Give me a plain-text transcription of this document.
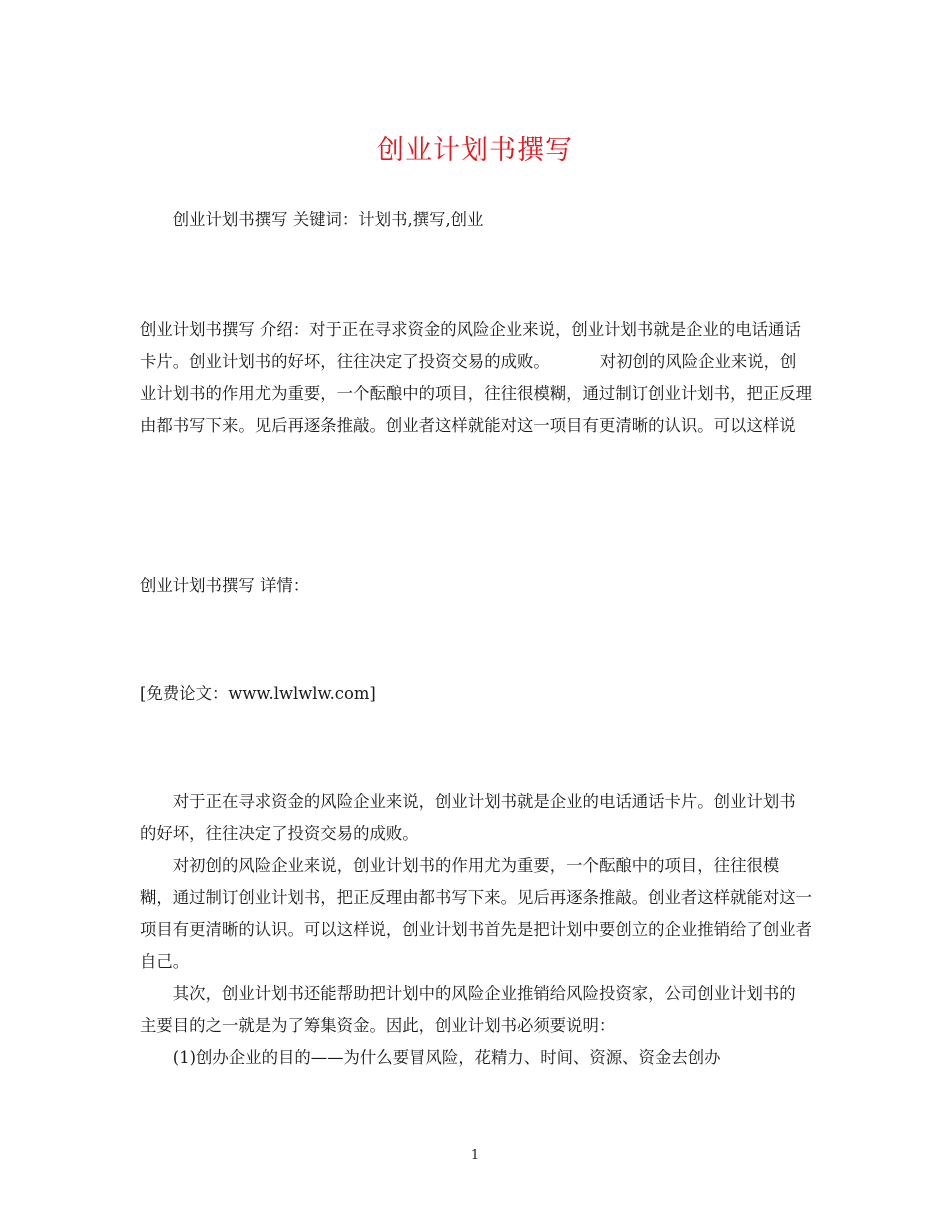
创业计划书撰写

创业计划书撰写 关键词：计划书,撰写,创业

创业计划书撰写 介绍：对于正在寻求资金的风险企业来说，创业计划书就是企业的电话通话卡片。创业计划书的好坏，往往决定了投资交易的成败。	对初创的风险企业来说，创业计划书的作用尤为重要，一个酝酿中的项目，往往很模糊，通过制订创业计划书，把正反理由都书写下来。见后再逐条推敲。创业者这样就能对这一项目有更清晰的认识。可以这样说

创业计划书撰写 详情：

[免费论文：www.lwlwlw.com]

对于正在寻求资金的风险企业来说，创业计划书就是企业的电话通话卡片。创业计划书的好坏，往往决定了投资交易的成败。

对初创的风险企业来说，创业计划书的作用尤为重要，一个酝酿中的项目，往往很模糊，通过制订创业计划书，把正反理由都书写下来。见后再逐条推敲。创业者这样就能对这一项目有更清晰的认识。可以这样说，创业计划书首先是把计划中要创立的企业推销给了创业者自己。

其次，创业计划书还能帮助把计划中的风险企业推销给风险投资家，公司创业计划书的主要目的之一就是为了筹集资金。因此，创业计划书必须要说明：

(1)创办企业的目的——为什么要冒风险，花精力、时间、资源、资金去创办

1
